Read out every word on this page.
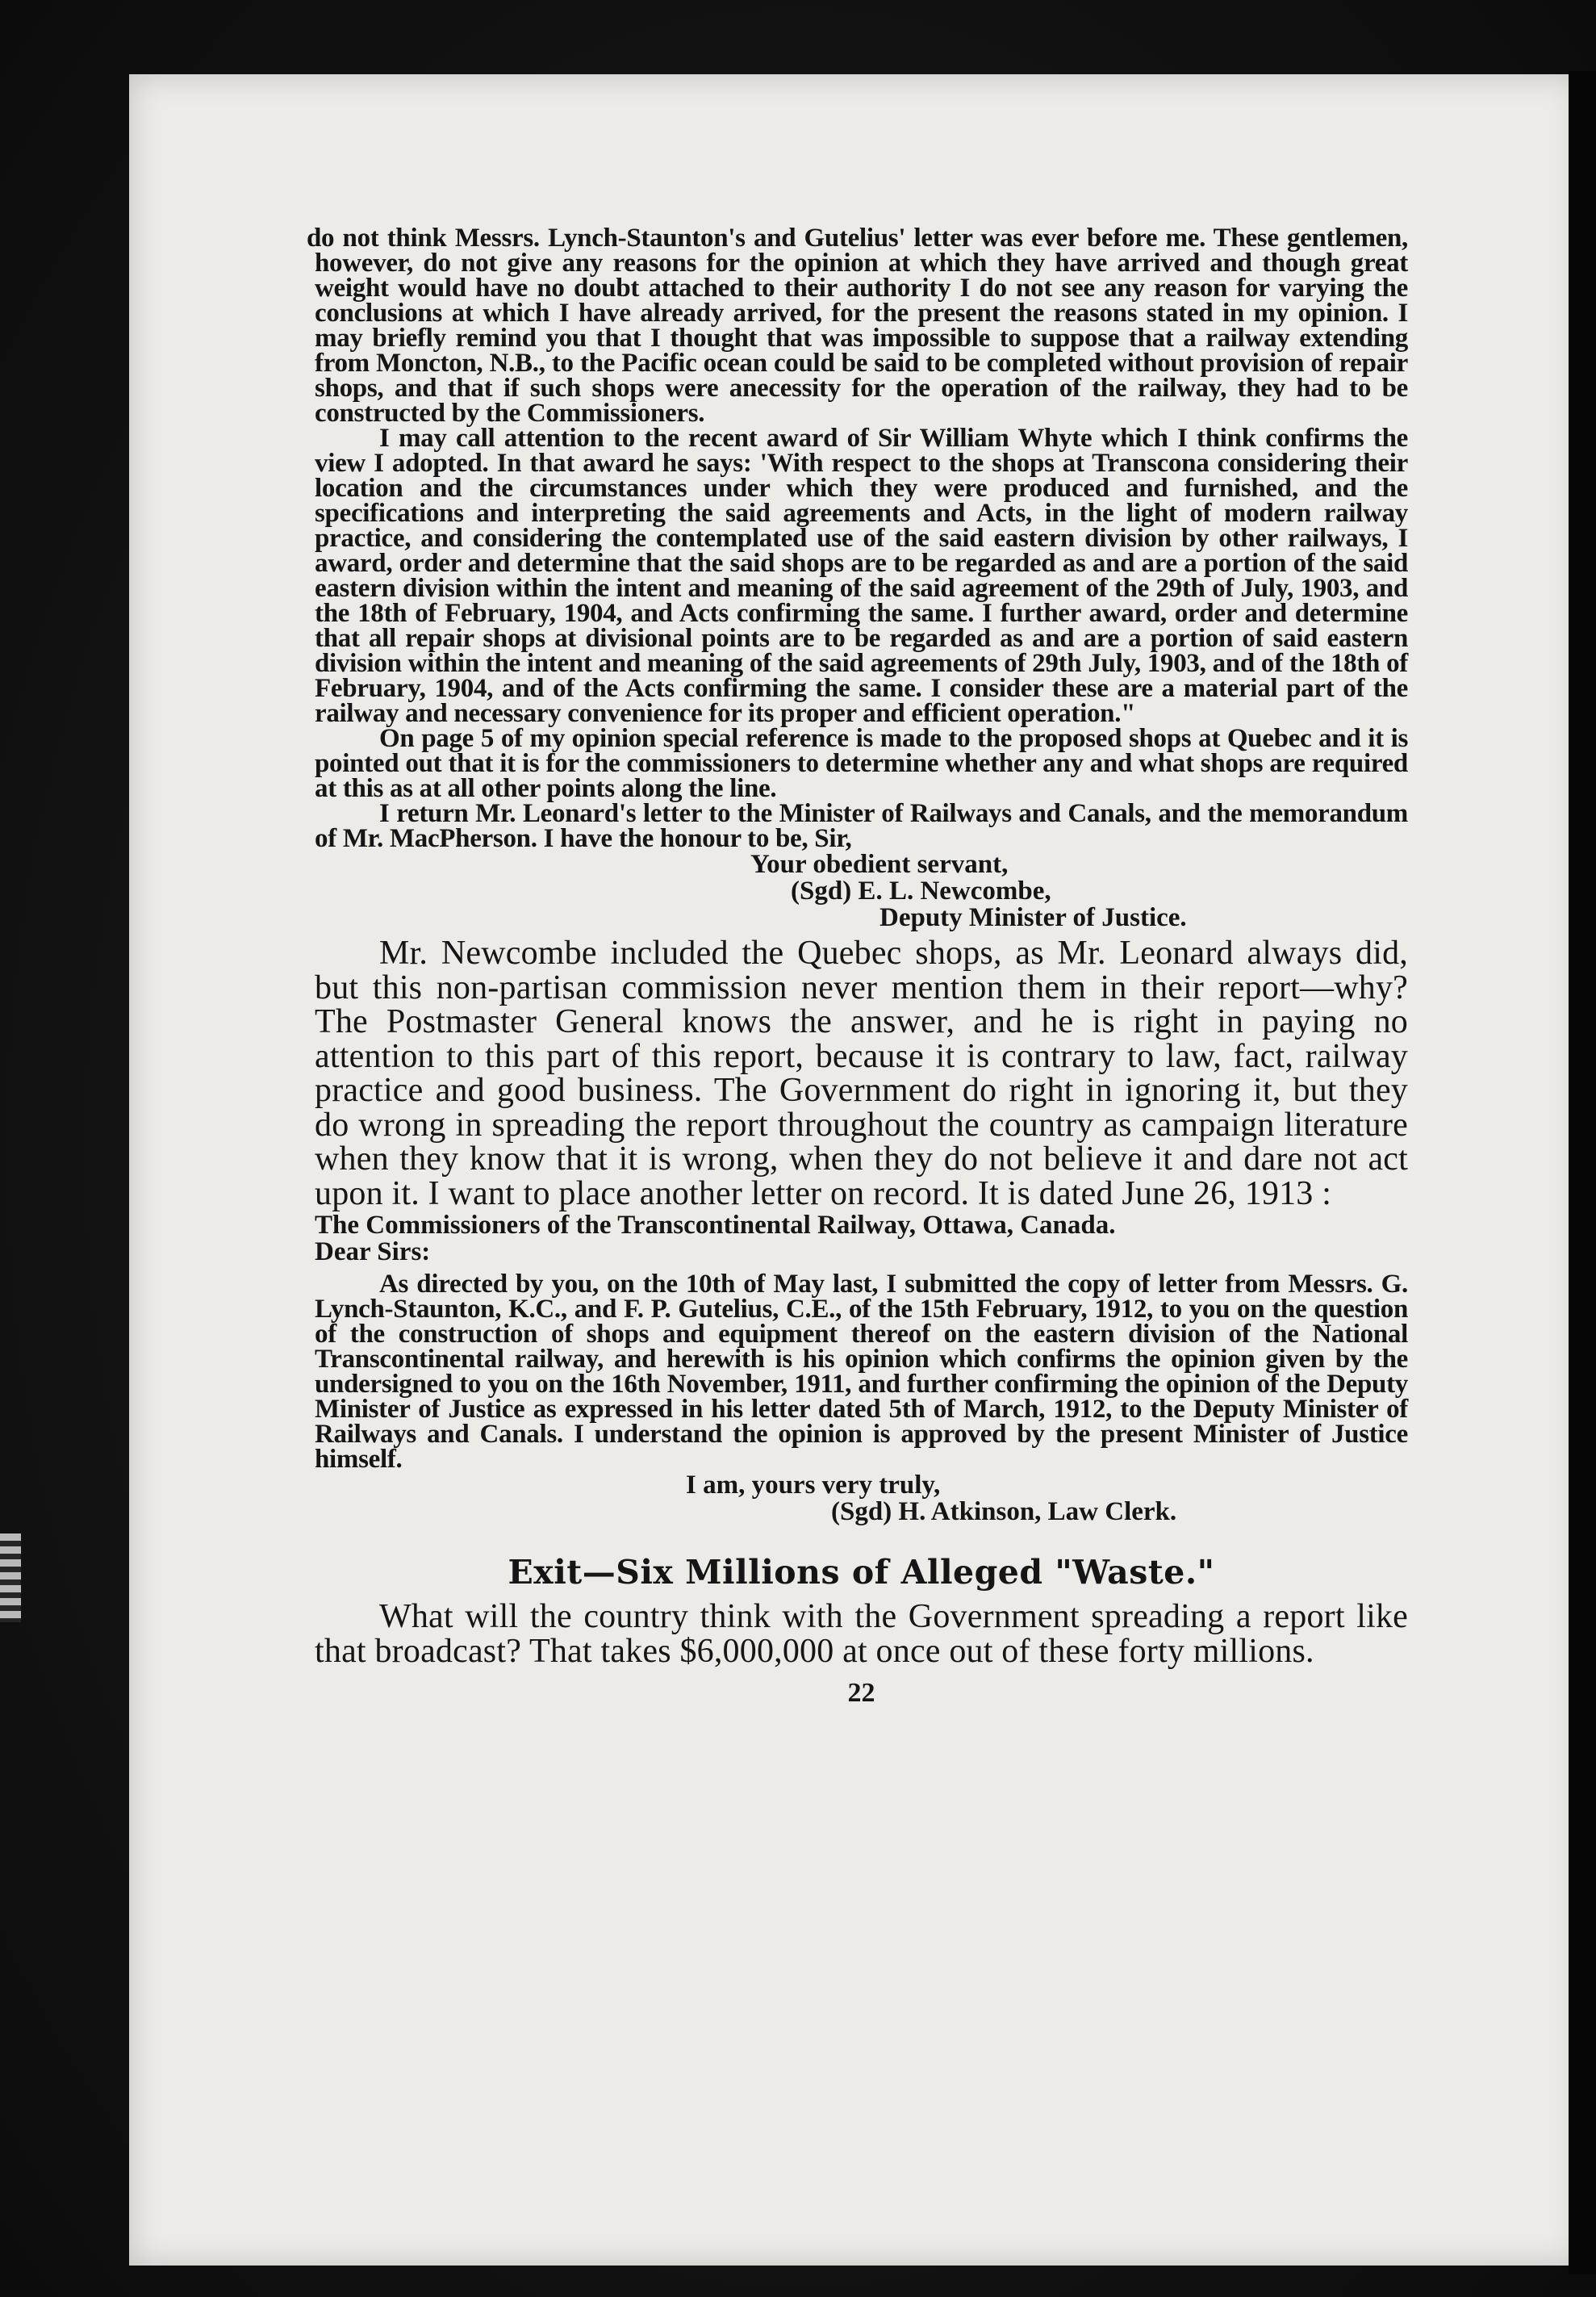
do not think Messrs. Lynch-Staunton's and Gutelius' letter was ever before me. These gentlemen, however, do not give any reasons for the opinion at which they have arrived and though great weight would have no doubt attached to their authority I do not see any reason for varying the conclusions at which I have already arrived, for the present the reasons stated in my opinion. I may briefly remind you that I thought that was impossible to suppose that a railway extending from Moncton, N.B., to the Pacific ocean could be said to be completed without provision of repair shops, and that if such shops were anecessity for the operation of the railway, they had to be constructed by the Commissioners.

I may call attention to the recent award of Sir William Whyte which I think confirms the view I adopted. In that award he says: 'With respect to the shops at Transcona considering their location and the circumstances under which they were produced and furnished, and the specifications and interpreting the said agreements and Acts, in the light of modern railway practice, and considering the contemplated use of the said eastern division by other railways, I award, order and determine that the said shops are to be regarded as and are a portion of the said eastern division within the intent and meaning of the said agreement of the 29th of July, 1903, and the 18th of February, 1904, and Acts confirming the same. I further award, order and determine that all repair shops at divisional points are to be regarded as and are a portion of said eastern division within the intent and meaning of the said agreements of 29th July, 1903, and of the 18th of February, 1904, and of the Acts confirming the same. I consider these are a material part of the railway and necessary convenience for its proper and efficient operation."

On page 5 of my opinion special reference is made to the proposed shops at Quebec and it is pointed out that it is for the commissioners to determine whether any and what shops are required at this as at all other points along the line.

I return Mr. Leonard's letter to the Minister of Railways and Canals, and the memorandum of Mr. MacPherson. I have the honour to be, Sir,

Your obedient servant,

(Sgd) E. L. Newcombe,

Deputy Minister of Justice.

Mr. Newcombe included the Quebec shops, as Mr. Leonard always did, but this non-partisan commission never mention them in their report—why? The Postmaster General knows the answer, and he is right in paying no attention to this part of this report, because it is contrary to law, fact, railway practice and good business. The Government do right in ignoring it, but they do wrong in spreading the report throughout the country as campaign literature when they know that it is wrong, when they do not believe it and dare not act upon it. I want to place another letter on record. It is dated June 26, 1913 :

The Commissioners of the Transcontinental Railway, Ottawa, Canada.

Dear Sirs:

As directed by you, on the 10th of May last, I submitted the copy of letter from Messrs. G. Lynch-Staunton, K.C., and F. P. Gutelius, C.E., of the 15th February, 1912, to you on the question of the construction of shops and equipment thereof on the eastern division of the National Transcontinental railway, and herewith is his opinion which confirms the opinion given by the undersigned to you on the 16th November, 1911, and further confirming the opinion of the Deputy Minister of Justice as expressed in his letter dated 5th of March, 1912, to the Deputy Minister of Railways and Canals. I understand the opinion is approved by the present Minister of Justice himself.

I am, yours very truly,

(Sgd) H. Atkinson, Law Clerk.

Exit—Six Millions of Alleged "Waste."

What will the country think with the Government spreading a report like that broadcast? That takes $6,000,000 at once out of these forty millions.

22
